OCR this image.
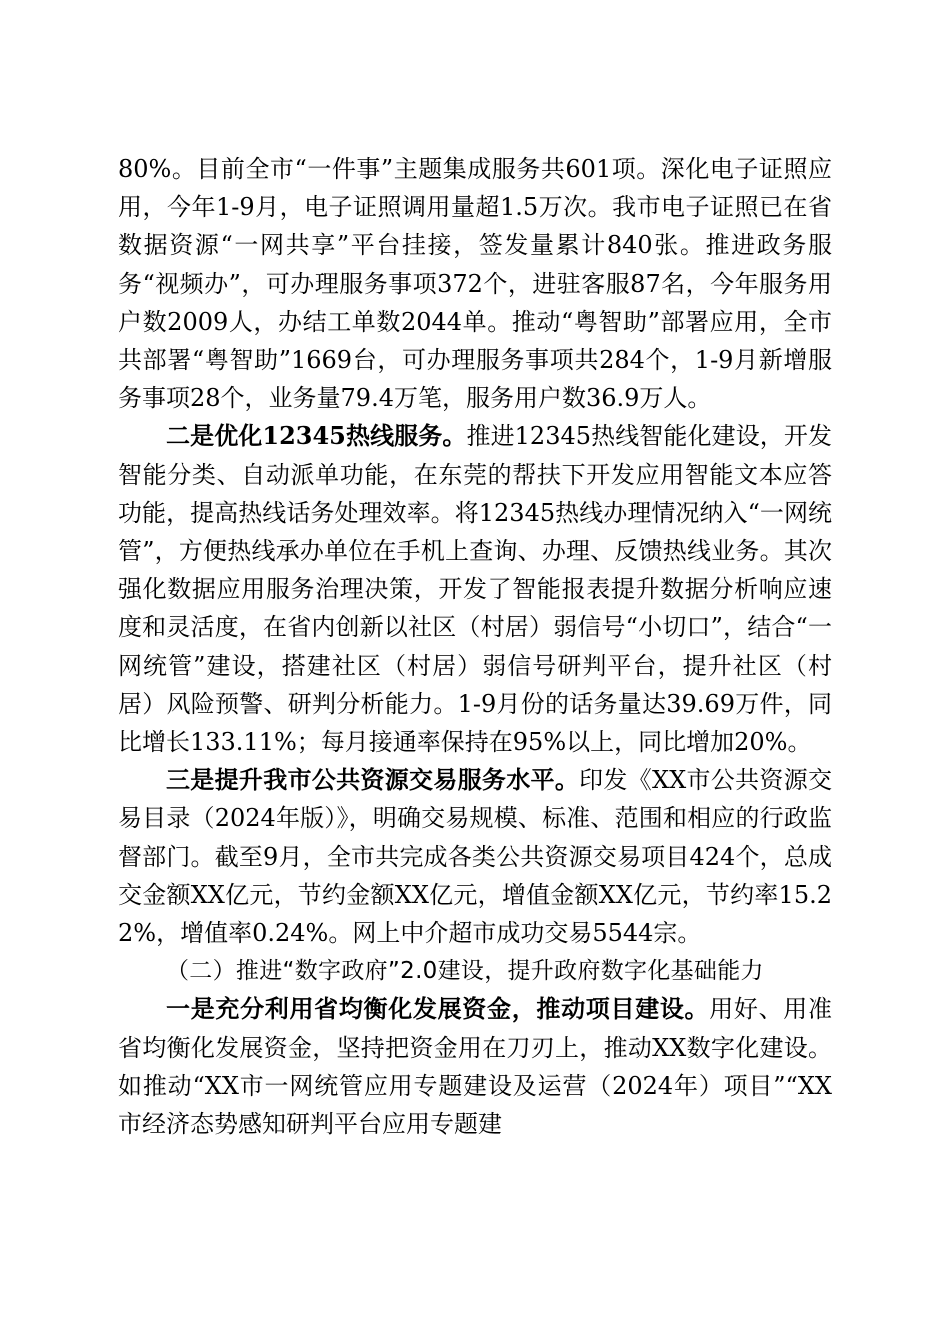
80%。目前全市“一件事”主题集成服务共601项。深化电子证照应用，今年1-9月，电子证照调用量超1.5万次。我市电子证照已在省数据资源“一网共享”平台挂接，签发量累计840张。推进政务服务“视频办”，可办理服务事项372个，进驻客服87名，今年服务用户数2009人，办结工单数2044单。推动“粤智助”部署应用，全市共部署“粤智助”1669台，可办理服务事项共284个，1-9月新增服务事项28个，业务量79.4万笔，服务用户数36.9万人。

二是优化12345热线服务。推进12345热线智能化建设，开发智能分类、自动派单功能，在东莞的帮扶下开发应用智能文本应答功能，提高热线话务处理效率。将12345热线办理情况纳入“一网统管”，方便热线承办单位在手机上查询、办理、反馈热线业务。其次强化数据应用服务治理决策，开发了智能报表提升数据分析响应速度和灵活度，在省内创新以社区（村居）弱信号“小切口”，结合“一网统管”建设，搭建社区（村居）弱信号研判平台，提升社区（村居）风险预警、研判分析能力。1-9月份的话务量达39.69万件，同比增长133.11%；每月接通率保持在95%以上，同比增加20%。

三是提升我市公共资源交易服务水平。印发《XX市公共资源交易目录（2024年版）》，明确交易规模、标准、范围和相应的行政监督部门。截至9月，全市共完成各类公共资源交易项目424个，总成交金额XX亿元，节约金额XX亿元，增值金额XX亿元，节约率15.22%，增值率0.24%。网上中介超市成功交易5544宗。

（二）推进“数字政府”2.0建设，提升政府数字化基础能力

一是充分利用省均衡化发展资金，推动项目建设。用好、用准省均衡化发展资金，坚持把资金用在刀刃上，推动XX数字化建设。如推动“XX市一网统管应用专题建设及运营（2024年）项目”“XX市经济态势感知研判平台应用专题建
